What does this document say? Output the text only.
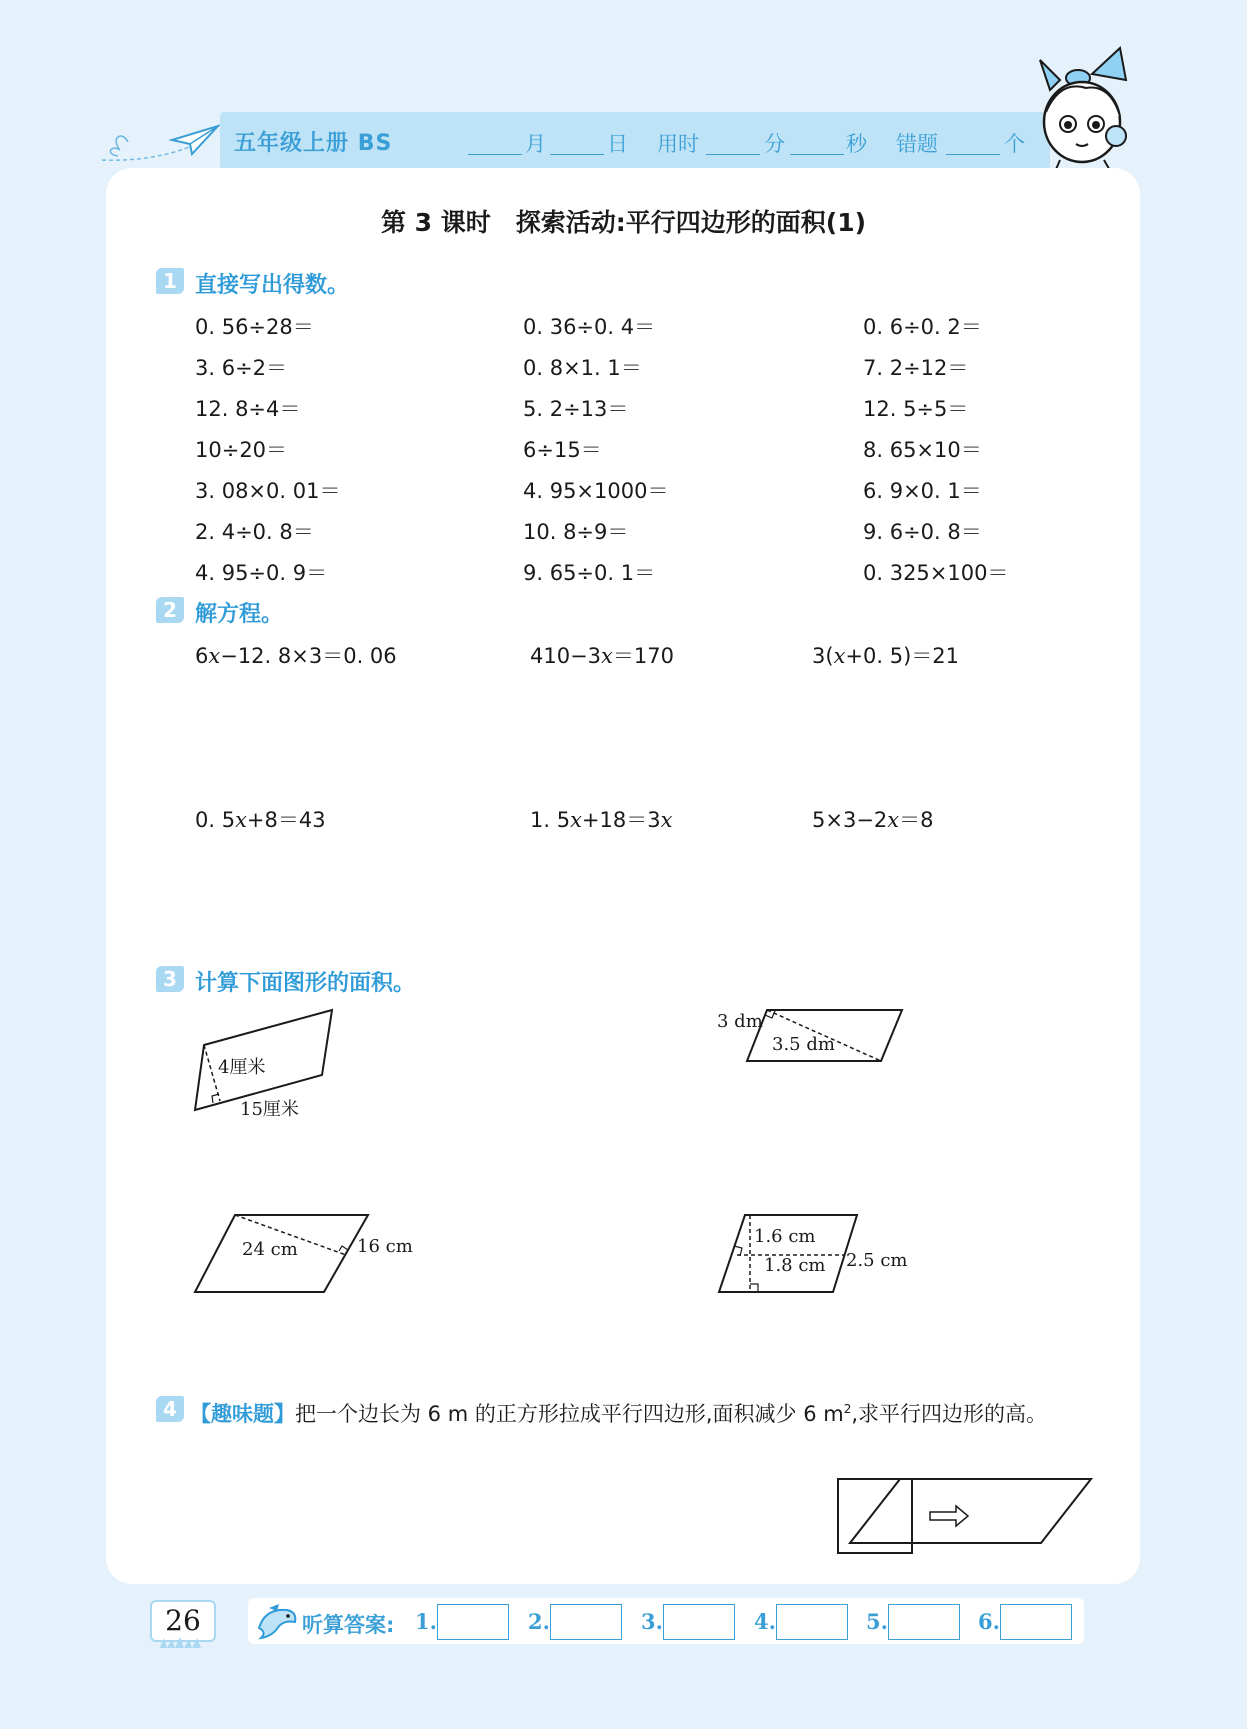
五年级上册 BS	月	日 用时	分	秒 错题	个
第 3 课时　探索活动:平行四边形的面积(1)
1 直接写出得数。
0. 56÷28＝	0. 36÷0. 4＝	0. 6÷0. 2＝
3. 6÷2＝	0. 8×1. 1＝	7. 2÷12＝
12. 8÷4＝	5. 2÷13＝	12. 5÷5＝
10÷20＝	6÷15＝	8. 65×10＝
3. 08×0. 01＝	4. 95×1000＝	6. 9×0. 1＝
2. 4÷0. 8＝	10. 8÷9＝	9. 6÷0. 8＝
4. 95÷0. 9＝	9. 65÷0. 1＝	0. 325×100＝
2 解方程。
6x−12. 8×3＝0. 06	410−3x＝170	3(x+0. 5)＝21
0. 5x+8＝43	1. 5x+18＝3x	5×3−2x＝8
3 计算下面图形的面积。
4厘米
15厘米
3 dm
3.5 dm
24 cm	16 cm	1.6 cm
1.8 cm 2.5 cm
4 【趣味题】把一个边长为 6 m 的正方形拉成平行四边形,面积减少 6 $m^2$,求平行四边形的高。
26	听算答案: 1.	2.	3.	4.	5.	6.
